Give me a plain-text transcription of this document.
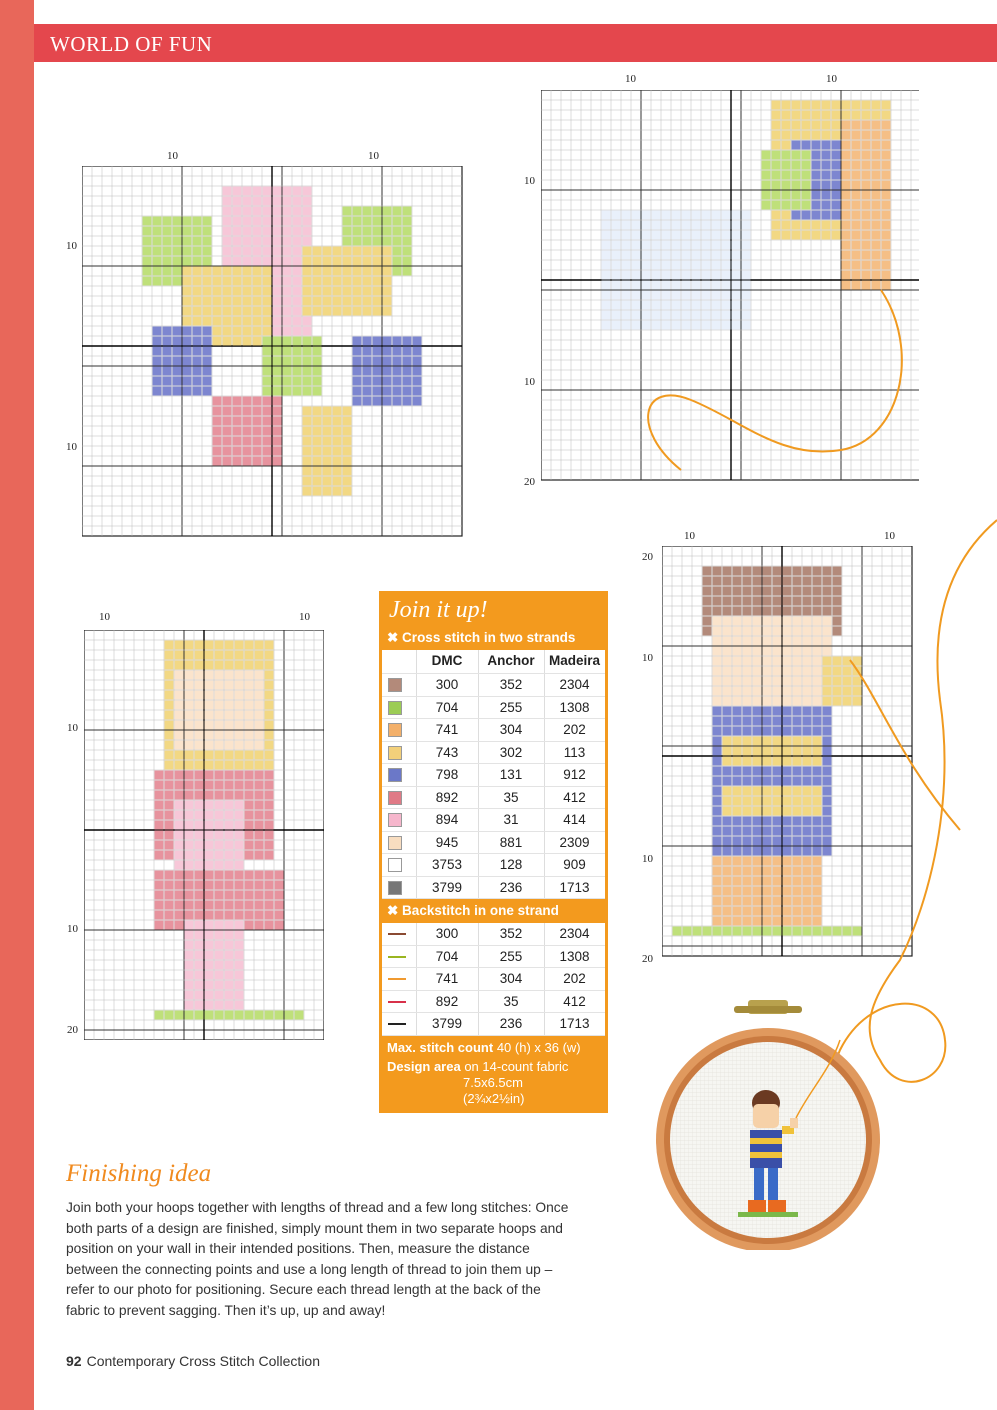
WORLD OF FUN
10	10
10
10
10	10
10
10
20
10	10
10
10
20
10	10
20
10
10
20
Join it up!
✖ Cross stitch in two strands
DMC	Anchor	Madeira
300	352	2304
704	255	1308
741	304	202
743	302	113
798	131	912
892	35	412
894	31	414
945	881	2309
3753	128	909
3799	236	1713
✖ Backstitch in one strand
300	352	2304
704	255	1308
741	304	202
892	35	412
3799	236	1713
Max. stitch count 40 (h) x 36 (w)
Design area on 14-count fabric
7.5x6.5cm
(2¾x2½in)
Finishing idea
Join both your hoops together with lengths of thread and a few long stitches: Once both parts of a design are finished, simply mount them in two separate hoops and position on your wall in their intended positions. Then, measure the distance between the connecting points and use a long length of thread to join them up – refer to our photo for positioning. Secure each thread length at the back of the fabric to prevent sagging. Then it’s up, up and away!
92 Contemporary Cross Stitch Collection
